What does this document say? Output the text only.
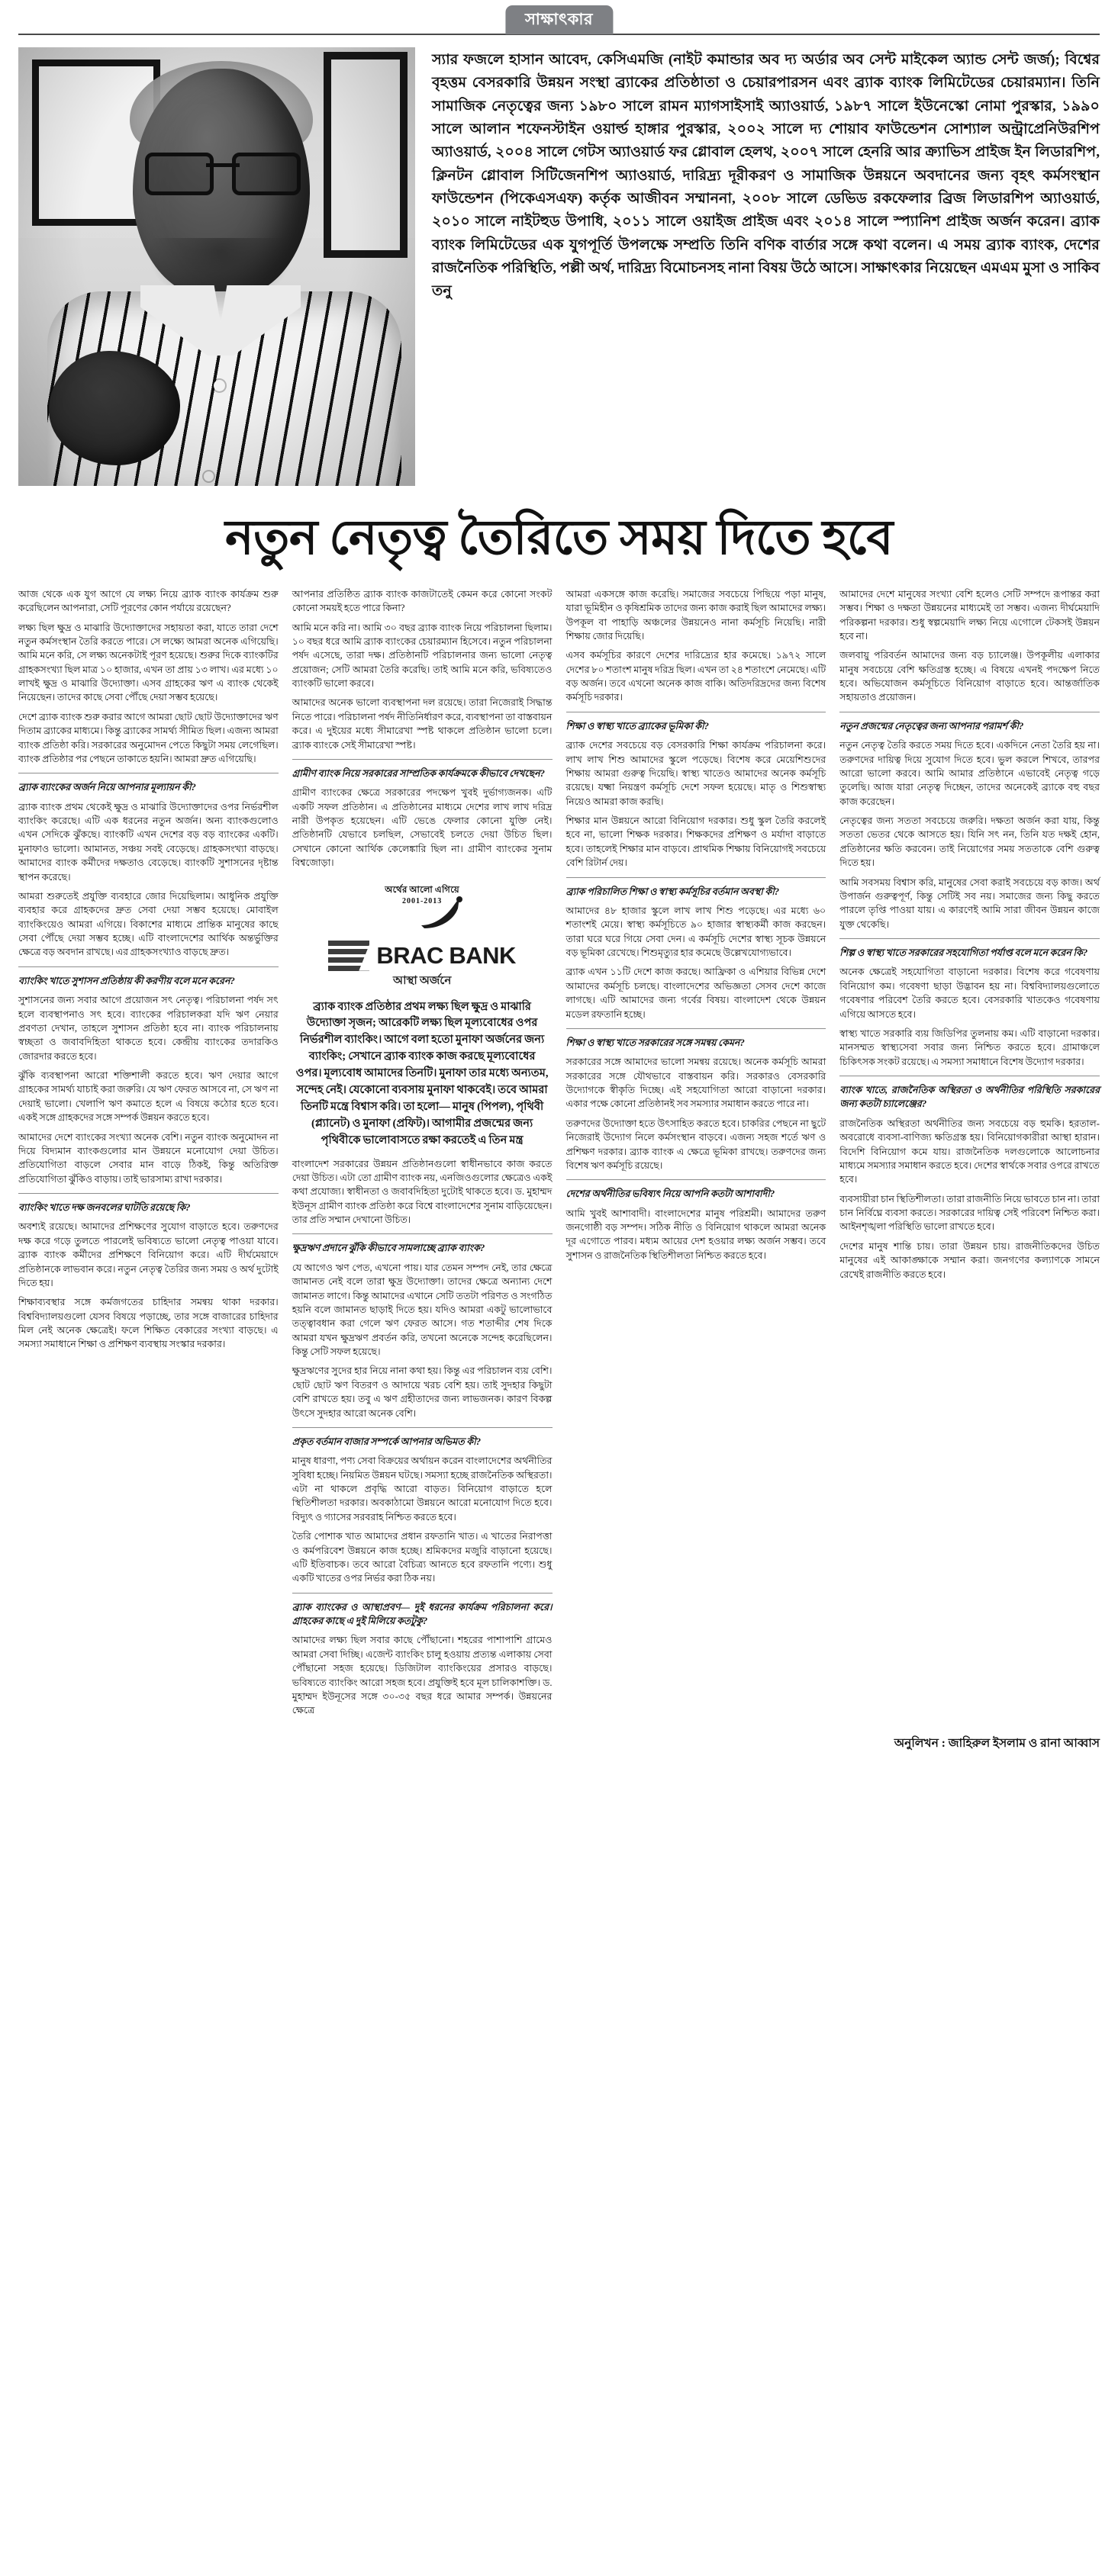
সাক্ষাৎকার
স্যার ফজলে হাসান আবেদ, কেসিএমজি (নাইট কমান্ডার অব দ্য অর্ডার অব সেন্ট মাইকেল অ্যান্ড সেন্ট জর্জ); বিশ্বের বৃহত্তম বেসরকারি উন্নয়ন সংস্থা ব্র্যাকের প্রতিষ্ঠাতা ও চেয়ারপারসন এবং ব্র্যাক ব্যাংক লিমিটেডের চেয়ারম্যান। তিনি সামাজিক নেতৃত্বের জন্য ১৯৮০ সালে রামন ম্যাগসাইসাই অ্যাওয়ার্ড, ১৯৮৭ সালে ইউনেস্কো নোমা পুরস্কার, ১৯৯০ সালে আলান শফেনস্টাইন ওয়ার্ল্ড হাঙ্গার পুরস্কার, ২০০২ সালে দ্য শোয়াব ফাউন্ডেশন সোশ্যাল অন্ট্রাপ্রেনিউরশিপ অ্যাওয়ার্ড, ২০০৪ সালে গেটস অ্যাওয়ার্ড ফর গ্লোবাল হেলথ, ২০০৭ সালে হেনরি আর ক্র্যাভিস প্রাইজ ইন লিডারশিপ, ক্লিনটন গ্লোবাল সিটিজেনশিপ অ্যাওয়ার্ড, দারিদ্র্য দূরীকরণ ও সামাজিক উন্নয়নে অবদানের জন্য বৃহৎ কর্মসংস্থান ফাউন্ডেশন (পিকেএসএফ) কর্তৃক আজীবন সম্মাননা, ২০০৮ সালে ডেভিড রকফেলার ব্রিজ লিডারশিপ অ্যাওয়ার্ড, ২০১০ সালে নাইটহুড উপাধি, ২০১১ সালে ওয়াইজ প্রাইজ এবং ২০১৪ সালে স্প্যানিশ প্রাইজ অর্জন করেন। ব্র্যাক ব্যাংক লিমিটেডের এক যুগপূর্তি উপলক্ষে সম্প্রতি তিনি বণিক বার্তার সঙ্গে কথা বলেন। এ সময় ব্র্যাক ব্যাংক, দেশের রাজনৈতিক পরিস্থিতি, পল্লী অর্থ, দারিদ্র্য বিমোচনসহ নানা বিষয় উঠে আসে। সাক্ষাৎকার নিয়েছেন এমএম মুসা ও সাকিব তনু
নতুন নেতৃত্ব তৈরিতে সময় দিতে হবে

আজ থেকে এক যুগ আগে যে লক্ষ্য নিয়ে ব্র্যাক ব্যাংক কার্যক্রম শুরু করেছিলেন আপনারা, সেটি পূরণের কোন পর্যায়ে রয়েছেন?

লক্ষ্য ছিল ক্ষুদ্র ও মাঝারি উদ্যোক্তাদের সহায়তা করা, যাতে তারা দেশে নতুন কর্মসংস্থান তৈরি করতে পারে। সে লক্ষ্যে আমরা অনেক এগিয়েছি। আমি মনে করি, সে লক্ষ্য অনেকটাই পূরণ হয়েছে। শুরুর দিকে ব্যাংকটির গ্রাহকসংখ্যা ছিল মাত্র ১০ হাজার, এখন তা প্রায় ১৩ লাখ। এর মধ্যে ১০ লাখই ক্ষুদ্র ও মাঝারি উদ্যোক্তা। এসব গ্রাহকের ঋণ এ ব্যাংক থেকেই নিয়েছেন। তাদের কাছে সেবা পৌঁছে দেয়া সম্ভব হয়েছে।

দেশে ব্র্যাক ব্যাংক শুরু করার আগে আমরা ছোট ছোট উদ্যোক্তাদের ঋণ দিতাম ব্র্যাকের মাধ্যমে। কিন্তু ব্র্যাকের সামর্থ্য সীমিত ছিল। এজন্য আমরা ব্যাংক প্রতিষ্ঠা করি। সরকারের অনুমোদন পেতে কিছুটা সময় লেগেছিল। ব্যাংক প্রতিষ্ঠার পর পেছনে তাকাতে হয়নি। আমরা দ্রুত এগিয়েছি।

ব্র্যাক ব্যাংকের অর্জন নিয়ে আপনার মূল্যায়ন কী?

ব্র্যাক ব্যাংক প্রথম থেকেই ক্ষুদ্র ও মাঝারি উদ্যোক্তাদের ওপর নির্ভরশীল ব্যাংকিং করেছে। এটি এক ধরনের নতুন অর্জন। অন্য ব্যাংকগুলোও এখন সেদিকে ঝুঁকছে। ব্যাংকটি এখন দেশের বড় বড় ব্যাংকের একটি। মুনাফাও ভালো। আমানত, সঞ্চয় সবই বেড়েছে। গ্রাহকসংখ্যা বাড়ছে। আমাদের ব্যাংক কর্মীদের দক্ষতাও বেড়েছে। ব্যাংকটি সুশাসনের দৃষ্টান্ত স্থাপন করেছে।

আমরা শুরুতেই প্রযুক্তি ব্যবহারে জোর দিয়েছিলাম। আধুনিক প্রযুক্তি ব্যবহার করে গ্রাহকদের দ্রুত সেবা দেয়া সম্ভব হয়েছে। মোবাইল ব্যাংকিংয়েও আমরা এগিয়ে। বিকাশের মাধ্যমে প্রান্তিক মানুষের কাছে সেবা পৌঁছে দেয়া সম্ভব হচ্ছে। এটি বাংলাদেশের আর্থিক অন্তর্ভুক্তির ক্ষেত্রে বড় অবদান রাখছে। এর গ্রাহকসংখ্যাও বাড়ছে দ্রুত।

ব্যাংকিং খাতে সুশাসন প্রতিষ্ঠায় কী করণীয় বলে মনে করেন?

সুশাসনের জন্য সবার আগে প্রয়োজন সৎ নেতৃত্ব। পরিচালনা পর্ষদ সৎ হলে ব্যবস্থাপনাও সৎ হবে। ব্যাংকের পরিচালকরা যদি ঋণ নেয়ার প্রবণতা দেখান, তাহলে সুশাসন প্রতিষ্ঠা হবে না। ব্যাংক পরিচালনায় স্বচ্ছতা ও জবাবদিহিতা থাকতে হবে। কেন্দ্রীয় ব্যাংকের তদারকিও জোরদার করতে হবে।

ঝুঁকি ব্যবস্থাপনা আরো শক্তিশালী করতে হবে। ঋণ দেয়ার আগে গ্রাহকের সামর্থ্য যাচাই করা জরুরি। যে ঋণ ফেরত আসবে না, সে ঋণ না দেয়াই ভালো। খেলাপি ঋণ কমাতে হলে এ বিষয়ে কঠোর হতে হবে। একই সঙ্গে গ্রাহকদের সঙ্গে সম্পর্ক উন্নয়ন করতে হবে।

আমাদের দেশে ব্যাংকের সংখ্যা অনেক বেশি। নতুন ব্যাংক অনুমোদন না দিয়ে বিদ্যমান ব্যাংকগুলোর মান উন্নয়নে মনোযোগ দেয়া উচিত। প্রতিযোগিতা বাড়লে সেবার মান বাড়ে ঠিকই, কিন্তু অতিরিক্ত প্রতিযোগিতা ঝুঁকিও বাড়ায়। তাই ভারসাম্য রাখা দরকার।

ব্যাংকিং খাতে দক্ষ জনবলের ঘাটতি রয়েছে কি?

অবশ্যই রয়েছে। আমাদের প্রশিক্ষণের সুযোগ বাড়াতে হবে। তরুণদের দক্ষ করে গড়ে তুলতে পারলেই ভবিষ্যতে ভালো নেতৃত্ব পাওয়া যাবে। ব্র্যাক ব্যাংক কর্মীদের প্রশিক্ষণে বিনিয়োগ করে। এটি দীর্ঘমেয়াদে প্রতিষ্ঠানকে লাভবান করে। নতুন নেতৃত্ব তৈরির জন্য সময় ও অর্থ দুটোই দিতে হয়।

শিক্ষাব্যবস্থার সঙ্গে কর্মজগতের চাহিদার সমন্বয় থাকা দরকার। বিশ্ববিদ্যালয়গুলো যেসব বিষয়ে পড়াচ্ছে, তার সঙ্গে বাজারের চাহিদার মিল নেই অনেক ক্ষেত্রেই। ফলে শিক্ষিত বেকারের সংখ্যা বাড়ছে। এ সমস্যা সমাধানে শিক্ষা ও প্রশিক্ষণ ব্যবস্থায় সংস্কার দরকার।

আপনার প্রতিষ্ঠিত ব্র্যাক ব্যাংক কাজটাতেই কেমন করে কোনো সংকট কোনো সময়ই হতে পারে কিনা?

আমি মনে করি না। আমি ৩০ বছর ব্র্যাক ব্যাংক নিয়ে পরিচালনা ছিলাম। ১০ বছর ধরে আমি ব্র্যাক ব্যাংকের চেয়ারম্যান হিসেবে। নতুন পরিচালনা পর্ষদ এসেছে, তারা দক্ষ। প্রতিষ্ঠানটি পরিচালনার জন্য ভালো নেতৃত্ব প্রয়োজন; সেটি আমরা তৈরি করেছি। তাই আমি মনে করি, ভবিষ্যতেও ব্যাংকটি ভালো করবে।

আমাদের অনেক ভালো ব্যবস্থাপনা দল রয়েছে। তারা নিজেরাই সিদ্ধান্ত নিতে পারে। পরিচালনা পর্ষদ নীতিনির্ধারণ করে, ব্যবস্থাপনা তা বাস্তবায়ন করে। এ দুইয়ের মধ্যে সীমারেখা স্পষ্ট থাকলে প্রতিষ্ঠান ভালো চলে। ব্র্যাক ব্যাংকে সেই সীমারেখা স্পষ্ট।

গ্রামীণ ব্যাংক নিয়ে সরকারের সাম্প্রতিক কার্যক্রমকে কীভাবে দেখছেন?

গ্রামীণ ব্যাংকের ক্ষেত্রে সরকারের পদক্ষেপ খুবই দুর্ভাগ্যজনক। এটি একটি সফল প্রতিষ্ঠান। এ প্রতিষ্ঠানের মাধ্যমে দেশের লাখ লাখ দরিদ্র নারী উপকৃত হয়েছেন। এটি ভেঙে ফেলার কোনো যুক্তি নেই। প্রতিষ্ঠানটি যেভাবে চলছিল, সেভাবেই চলতে দেয়া উচিত ছিল। সেখানে কোনো আর্থিক কেলেঙ্কারি ছিল না। গ্রামীণ ব্যাংকের সুনাম বিশ্বজোড়া।

অর্থের আলো এগিয়ে
2001-2013
BRAC BANK
আস্থা অর্জনে
ব্র্যাক ব্যাংক প্রতিষ্ঠার প্রথম লক্ষ্য ছিল ক্ষুদ্র ও মাঝারি উদ্যোক্তা সৃজন; আরেকটি লক্ষ্য ছিল মূল্যবোধের ওপর নির্ভরশীল ব্যাংকিং। আগে বলা হতো মুনাফা অর্জনের জন্য ব্যাংকিং; সেখানে ব্র্যাক ব্যাংক কাজ করছে মূল্যবোধের ওপর। মূল্যবোধ আমাদের তিনটি। মুনাফা তার মধ্যে অন্যতম, সন্দেহ নেই। যেকোনো ব্যবসায় মুনাফা থাকবেই। তবে আমরা তিনটি মন্ত্রে বিশ্বাস করি। তা হলো— মানুষ (পিপল), পৃথিবী (প্ল্যানেট) ও মুনাফা (প্রফিট)। আগামীর প্রজন্মের জন্য পৃথিবীকে ভালোবাসতে রক্ষা করতেই এ তিন মন্ত্র

বাংলাদেশ সরকারের উন্নয়ন প্রতিষ্ঠানগুলো স্বাধীনভাবে কাজ করতে দেয়া উচিত। এটা তো গ্রামীণ ব্যাংক নয়, এনজিওগুলোর ক্ষেত্রেও একই কথা প্রযোজ্য। স্বাধীনতা ও জবাবদিহিতা দুটোই থাকতে হবে। ড. মুহাম্মদ ইউনূস গ্রামীণ ব্যাংক প্রতিষ্ঠা করে বিশ্বে বাংলাদেশের সুনাম বাড়িয়েছেন। তার প্রতি সম্মান দেখানো উচিত।

ক্ষুদ্রঋণ প্রদানে ঝুঁকি কীভাবে সামলাচ্ছে ব্র্যাক ব্যাংক?

যে আগেও ঋণ পেত, এখনো পায়। যার তেমন সম্পদ নেই, তার ক্ষেত্রে জামানত নেই বলে তারা ক্ষুদ্র উদ্যোক্তা। তাদের ক্ষেত্রে অন্যান্য দেশে জামানত লাগে। কিন্তু আমাদের এখানে সেটি ততটা পরিণত ও সংগঠিত হয়নি বলে জামানত ছাড়াই দিতে হয়। যদিও আমরা একটু ভালোভাবে তত্ত্বাবধান করা গেলে ঋণ ফেরত আসে। গত শতাব্দীর শেষ দিকে আমরা যখন ক্ষুদ্রঋণ প্রবর্তন করি, তখনো অনেকে সন্দেহ করেছিলেন। কিন্তু সেটি সফল হয়েছে।

ক্ষুদ্রঋণের সুদের হার নিয়ে নানা কথা হয়। কিন্তু এর পরিচালন ব্যয় বেশি। ছোট ছোট ঋণ বিতরণ ও আদায়ে খরচ বেশি হয়। তাই সুদহার কিছুটা বেশি রাখতে হয়। তবু এ ঋণ গ্রহীতাদের জন্য লাভজনক। কারণ বিকল্প উৎসে সুদহার আরো অনেক বেশি।

প্রকৃত বর্তমান বাজার সম্পর্কে আপনার অভিমত কী?

মানুষ ধারণা, পণ্য সেবা বিক্রয়ের অর্থায়ন করেন বাংলাদেশের অর্থনীতির সুবিধা হচ্ছে। নিয়মিত উন্নয়ন ঘটছে। সমস্যা হচ্ছে রাজনৈতিক অস্থিরতা। এটা না থাকলে প্রবৃদ্ধি আরো বাড়ত। বিনিয়োগ বাড়াতে হলে স্থিতিশীলতা দরকার। অবকাঠামো উন্নয়নে আরো মনোযোগ দিতে হবে। বিদ্যুৎ ও গ্যাসের সরবরাহ নিশ্চিত করতে হবে।

তৈরি পোশাক খাত আমাদের প্রধান রফতানি খাত। এ খাতের নিরাপত্তা ও কর্মপরিবেশ উন্নয়নে কাজ হচ্ছে। শ্রমিকদের মজুরি বাড়ানো হয়েছে। এটি ইতিবাচক। তবে আরো বৈচিত্র্য আনতে হবে রফতানি পণ্যে। শুধু একটি খাতের ওপর নির্ভর করা ঠিক নয়।

ব্র্যাক ব্যাংকের ও আস্থাপ্রবণ— দুই ধরনের কার্যক্রম পরিচালনা করে। গ্রাহকের কাছে এ দুই মিলিয়ে কতটুকু?

আমাদের লক্ষ্য ছিল সবার কাছে পৌঁছানো। শহরের পাশাপাশি গ্রামেও আমরা সেবা দিচ্ছি। এজেন্ট ব্যাংকিং চালু হওয়ায় প্রত্যন্ত এলাকায় সেবা পৌঁছানো সহজ হয়েছে। ডিজিটাল ব্যাংকিংয়ের প্রসারও বাড়ছে। ভবিষ্যতে ব্যাংকিং আরো সহজ হবে। প্রযুক্তিই হবে মূল চালিকাশক্তি। ড. মুহাম্মদ ইউনূসের সঙ্গে ৩০-৩৫ বছর ধরে আমার সম্পর্ক। উন্নয়নের ক্ষেত্রে

আমরা একসঙ্গে কাজ করেছি। সমাজের সবচেয়ে পিছিয়ে পড়া মানুষ, যারা ভূমিহীন ও কৃষিশ্রমিক তাদের জন্য কাজ করাই ছিল আমাদের লক্ষ্য। উপকূল বা পাহাড়ি অঞ্চলের উন্নয়নেও নানা কর্মসূচি নিয়েছি। নারী শিক্ষায় জোর দিয়েছি।

এসব কর্মসূচির কারণে দেশের দারিদ্র্যের হার কমেছে। ১৯৭২ সালে দেশের ৮০ শতাংশ মানুষ দরিদ্র ছিল। এখন তা ২৪ শতাংশে নেমেছে। এটি বড় অর্জন। তবে এখনো অনেক কাজ বাকি। অতিদরিদ্রদের জন্য বিশেষ কর্মসূচি দরকার।

শিক্ষা ও স্বাস্থ্য খাতে ব্র্যাকের ভূমিকা কী?

ব্র্যাক দেশের সবচেয়ে বড় বেসরকারি শিক্ষা কার্যক্রম পরিচালনা করে। লাখ লাখ শিশু আমাদের স্কুলে পড়েছে। বিশেষ করে মেয়েশিশুদের শিক্ষায় আমরা গুরুত্ব দিয়েছি। স্বাস্থ্য খাতেও আমাদের অনেক কর্মসূচি রয়েছে। যক্ষ্মা নিয়ন্ত্রণ কর্মসূচি দেশে সফল হয়েছে। মাতৃ ও শিশুস্বাস্থ্য নিয়েও আমরা কাজ করছি।

শিক্ষার মান উন্নয়নে আরো বিনিয়োগ দরকার। শুধু স্কুল তৈরি করলেই হবে না, ভালো শিক্ষক দরকার। শিক্ষকদের প্রশিক্ষণ ও মর্যাদা বাড়াতে হবে। তাহলেই শিক্ষার মান বাড়বে। প্রাথমিক শিক্ষায় বিনিয়োগই সবচেয়ে বেশি রিটার্ন দেয়।

ব্র্যাক পরিচালিত শিক্ষা ও স্বাস্থ্য কর্মসূচির বর্তমান অবস্থা কী?

আমাদের ৪৮ হাজার স্কুলে লাখ লাখ শিশু পড়েছে। এর মধ্যে ৬০ শতাংশই মেয়ে। স্বাস্থ্য কর্মসূচিতে ৯০ হাজার স্বাস্থ্যকর্মী কাজ করছেন। তারা ঘরে ঘরে গিয়ে সেবা দেন। এ কর্মসূচি দেশের স্বাস্থ্য সূচক উন্নয়নে বড় ভূমিকা রেখেছে। শিশুমৃত্যুর হার কমেছে উল্লেখযোগ্যভাবে।

ব্র্যাক এখন ১১টি দেশে কাজ করছে। আফ্রিকা ও এশিয়ার বিভিন্ন দেশে আমাদের কর্মসূচি চলছে। বাংলাদেশের অভিজ্ঞতা সেসব দেশে কাজে লাগছে। এটি আমাদের জন্য গর্বের বিষয়। বাংলাদেশ থেকে উন্নয়ন মডেল রফতানি হচ্ছে।

শিক্ষা ও স্বাস্থ্য খাতে সরকারের সঙ্গে সমন্বয় কেমন?

সরকারের সঙ্গে আমাদের ভালো সমন্বয় রয়েছে। অনেক কর্মসূচি আমরা সরকারের সঙ্গে যৌথভাবে বাস্তবায়ন করি। সরকারও বেসরকারি উদ্যোগকে স্বীকৃতি দিচ্ছে। এই সহযোগিতা আরো বাড়ানো দরকার। একার পক্ষে কোনো প্রতিষ্ঠানই সব সমস্যার সমাধান করতে পারে না।

তরুণদের উদ্যোক্তা হতে উৎসাহিত করতে হবে। চাকরির পেছনে না ছুটে নিজেরাই উদ্যোগ নিলে কর্মসংস্থান বাড়বে। এজন্য সহজ শর্তে ঋণ ও প্রশিক্ষণ দরকার। ব্র্যাক ব্যাংক এ ক্ষেত্রে ভূমিকা রাখছে। তরুণদের জন্য বিশেষ ঋণ কর্মসূচি রয়েছে।

দেশের অর্থনীতির ভবিষ্যৎ নিয়ে আপনি কতটা আশাবাদী?

আমি খুবই আশাবাদী। বাংলাদেশের মানুষ পরিশ্রমী। আমাদের তরুণ জনগোষ্ঠী বড় সম্পদ। সঠিক নীতি ও বিনিয়োগ থাকলে আমরা অনেক দূর এগোতে পারব। মধ্যম আয়ের দেশ হওয়ার লক্ষ্য অর্জন সম্ভব। তবে সুশাসন ও রাজনৈতিক স্থিতিশীলতা নিশ্চিত করতে হবে।

আমাদের দেশে মানুষের সংখ্যা বেশি হলেও সেটি সম্পদে রূপান্তর করা সম্ভব। শিক্ষা ও দক্ষতা উন্নয়নের মাধ্যমেই তা সম্ভব। এজন্য দীর্ঘমেয়াদি পরিকল্পনা দরকার। শুধু স্বল্পমেয়াদি লক্ষ্য নিয়ে এগোলে টেকসই উন্নয়ন হবে না।

জলবায়ু পরিবর্তন আমাদের জন্য বড় চ্যালেঞ্জ। উপকূলীয় এলাকার মানুষ সবচেয়ে বেশি ক্ষতিগ্রস্ত হচ্ছে। এ বিষয়ে এখনই পদক্ষেপ নিতে হবে। অভিযোজন কর্মসূচিতে বিনিয়োগ বাড়াতে হবে। আন্তর্জাতিক সহায়তাও প্রয়োজন।

নতুন প্রজন্মের নেতৃত্বের জন্য আপনার পরামর্শ কী?

নতুন নেতৃত্ব তৈরি করতে সময় দিতে হবে। একদিনে নেতা তৈরি হয় না। তরুণদের দায়িত্ব দিয়ে সুযোগ দিতে হবে। ভুল করলে শিখবে, তারপর আরো ভালো করবে। আমি আমার প্রতিষ্ঠানে এভাবেই নেতৃত্ব গড়ে তুলেছি। আজ যারা নেতৃত্ব দিচ্ছেন, তাদের অনেকেই ব্র্যাকে বহু বছর কাজ করেছেন।

নেতৃত্বের জন্য সততা সবচেয়ে জরুরি। দক্ষতা অর্জন করা যায়, কিন্তু সততা ভেতর থেকে আসতে হয়। যিনি সৎ নন, তিনি যত দক্ষই হোন, প্রতিষ্ঠানের ক্ষতি করবেন। তাই নিয়োগের সময় সততাকে বেশি গুরুত্ব দিতে হয়।

আমি সবসময় বিশ্বাস করি, মানুষের সেবা করাই সবচেয়ে বড় কাজ। অর্থ উপার্জন গুরুত্বপূর্ণ, কিন্তু সেটিই সব নয়। সমাজের জন্য কিছু করতে পারলে তৃপ্তি পাওয়া যায়। এ কারণেই আমি সারা জীবন উন্নয়ন কাজে যুক্ত থেকেছি।

শিল্প ও স্বাস্থ্য খাতে সরকারের সহযোগিতা পর্যাপ্ত বলে মনে করেন কি?

অনেক ক্ষেত্রেই সহযোগিতা বাড়ানো দরকার। বিশেষ করে গবেষণায় বিনিয়োগ কম। গবেষণা ছাড়া উদ্ভাবন হয় না। বিশ্ববিদ্যালয়গুলোতে গবেষণার পরিবেশ তৈরি করতে হবে। বেসরকারি খাতকেও গবেষণায় এগিয়ে আসতে হবে।

স্বাস্থ্য খাতে সরকারি ব্যয় জিডিপির তুলনায় কম। এটি বাড়ানো দরকার। মানসম্মত স্বাস্থ্যসেবা সবার জন্য নিশ্চিত করতে হবে। গ্রামাঞ্চলে চিকিৎসক সংকট রয়েছে। এ সমস্যা সমাধানে বিশেষ উদ্যোগ দরকার।

ব্যাংক খাতে, রাজনৈতিক অস্থিরতা ও অর্থনীতির পরিস্থিতি সরকারের জন্য কতটা চ্যালেঞ্জের?

রাজনৈতিক অস্থিরতা অর্থনীতির জন্য সবচেয়ে বড় হুমকি। হরতাল-অবরোধে ব্যবসা-বাণিজ্য ক্ষতিগ্রস্ত হয়। বিনিয়োগকারীরা আস্থা হারান। বিদেশি বিনিয়োগ কমে যায়। রাজনৈতিক দলগুলোকে আলোচনার মাধ্যমে সমস্যার সমাধান করতে হবে। দেশের স্বার্থকে সবার ওপরে রাখতে হবে।

ব্যবসায়ীরা চান স্থিতিশীলতা। তারা রাজনীতি নিয়ে ভাবতে চান না। তারা চান নির্বিঘ্নে ব্যবসা করতে। সরকারের দায়িত্ব সেই পরিবেশ নিশ্চিত করা। আইনশৃঙ্খলা পরিস্থিতি ভালো রাখতে হবে।

দেশের মানুষ শান্তি চায়। তারা উন্নয়ন চায়। রাজনীতিকদের উচিত মানুষের এই আকাঙ্ক্ষাকে সম্মান করা। জনগণের কল্যাণকে সামনে রেখেই রাজনীতি করতে হবে।

অনুলিখন : জাহিরুল ইসলাম ও রানা আব্বাস
